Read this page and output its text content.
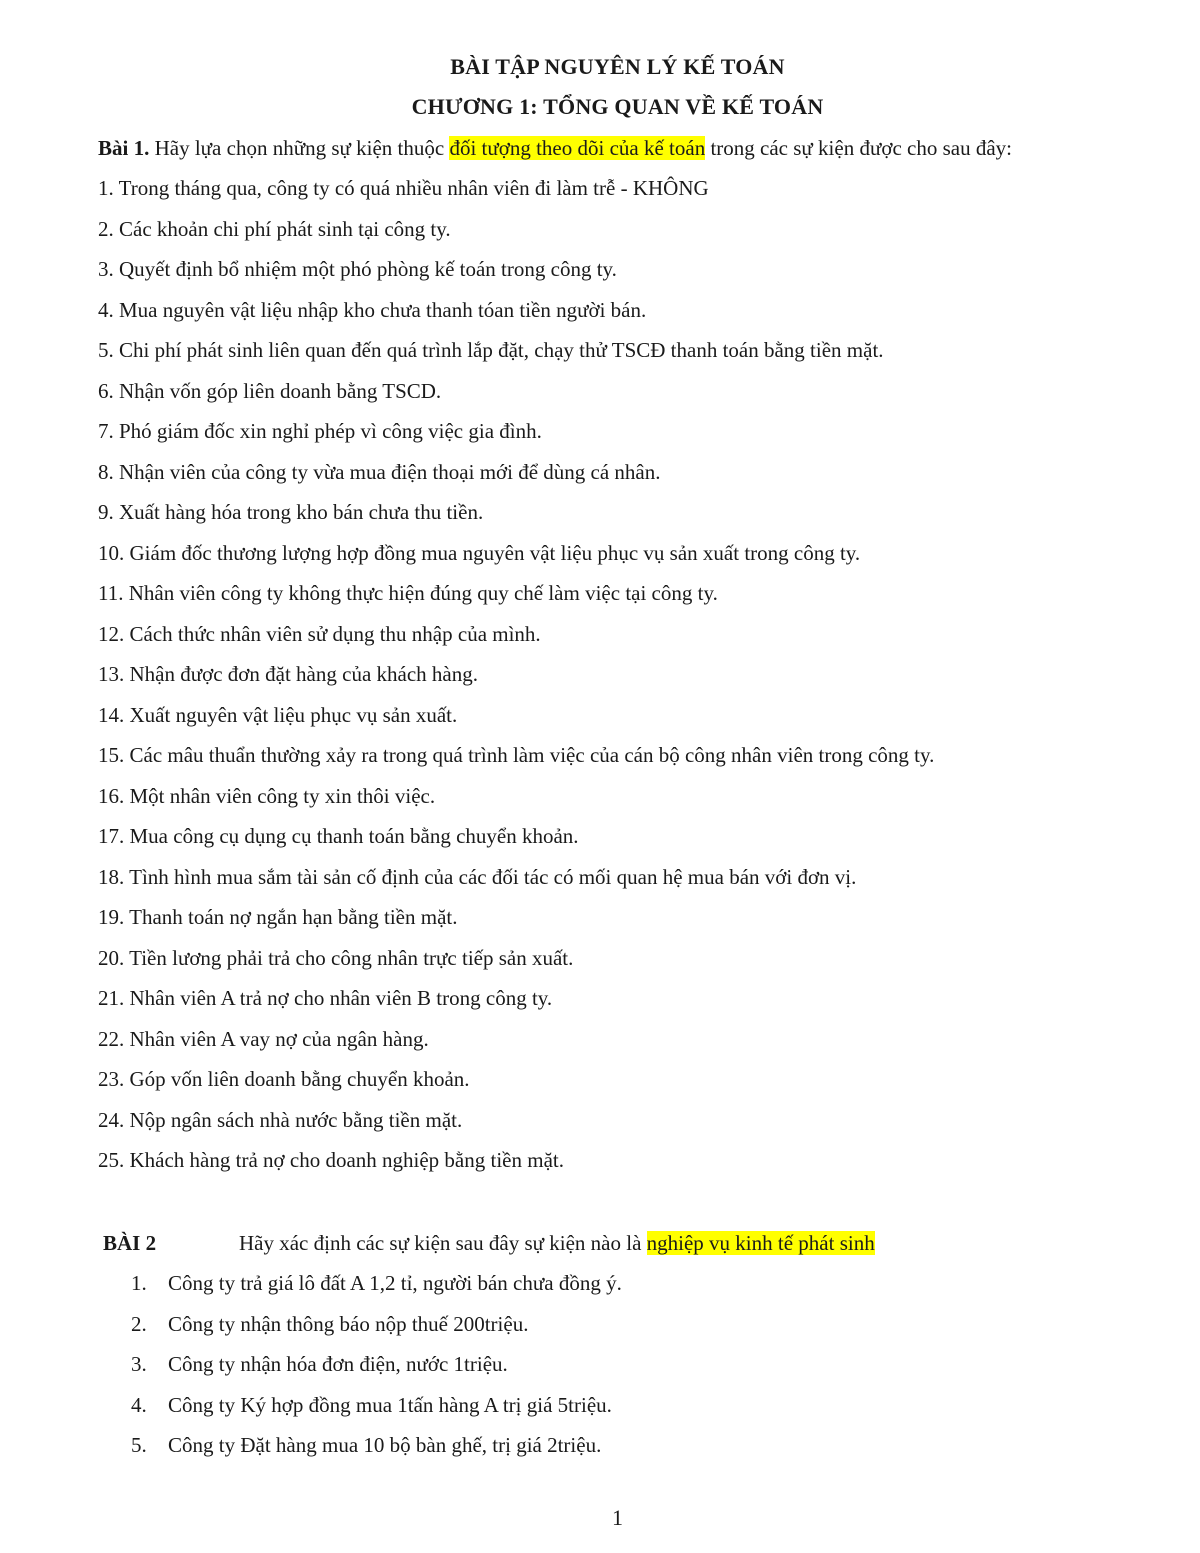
BÀI TẬP NGUYÊN LÝ KẾ TOÁN
CHƯƠNG 1: TỔNG QUAN VỀ KẾ TOÁN
Bài 1. Hãy lựa chọn những sự kiện thuộc đối tượng theo dõi của kế toán trong các sự kiện được cho sau đây:
1. Trong tháng qua, công ty có quá nhiều nhân viên đi làm trễ - KHÔNG
2. Các khoản chi phí phát sinh tại công ty.
3. Quyết định bổ nhiệm một phó phòng kế toán trong công ty.
4. Mua nguyên vật liệu nhập kho chưa thanh tóan tiền người bán.
5. Chi phí phát sinh liên quan đến quá trình lắp đặt, chạy thử TSCĐ thanh toán bằng tiền mặt.
6. Nhận vốn góp liên doanh bằng TSCD.
7. Phó giám đốc xin nghỉ phép vì công việc gia đình.
8. Nhận viên của công ty vừa mua điện thoại mới để dùng cá nhân.
9. Xuất hàng hóa trong kho bán chưa thu tiền.
10. Giám đốc thương lượng hợp đồng mua nguyên vật liệu phục vụ sản xuất trong công ty.
11. Nhân viên công ty không thực hiện đúng quy chế làm việc tại công ty.
12. Cách thức nhân viên sử dụng thu nhập của mình.
13. Nhận được đơn đặt hàng của khách hàng.
14. Xuất nguyên vật liệu phục vụ sản xuất.
15. Các mâu thuẩn thường xảy ra trong quá trình làm việc của cán bộ công nhân viên trong công ty.
16. Một nhân viên công ty xin thôi việc.
17. Mua công cụ dụng cụ thanh toán bằng chuyển khoản.
18. Tình hình mua sắm tài sản cố định của các đối tác có mối quan hệ mua bán với đơn vị.
19. Thanh toán nợ ngắn hạn bằng tiền mặt.
20. Tiền lương phải trả cho công nhân trực tiếp sản xuất.
21. Nhân viên A trả nợ cho nhân viên B trong công ty.
22. Nhân viên A vay nợ của ngân hàng.
23. Góp vốn liên doanh bằng chuyển khoản.
24. Nộp ngân sách nhà nước bằng tiền mặt.
25. Khách hàng trả nợ cho doanh nghiệp bằng tiền mặt.
BÀI 2	Hãy xác định các sự kiện sau đây sự kiện nào là nghiệp vụ kinh tế phát sinh
1. Công ty trả giá lô đất A 1,2 tỉ, người bán chưa đồng ý.
2. Công ty nhận thông báo nộp thuế 200triệu.
3. Công ty nhận hóa đơn điện, nước 1triệu.
4. Công ty Ký hợp đồng mua 1tấn hàng A trị giá 5triệu.
5. Công ty Đặt hàng mua 10 bộ bàn ghế, trị giá 2triệu.
1
